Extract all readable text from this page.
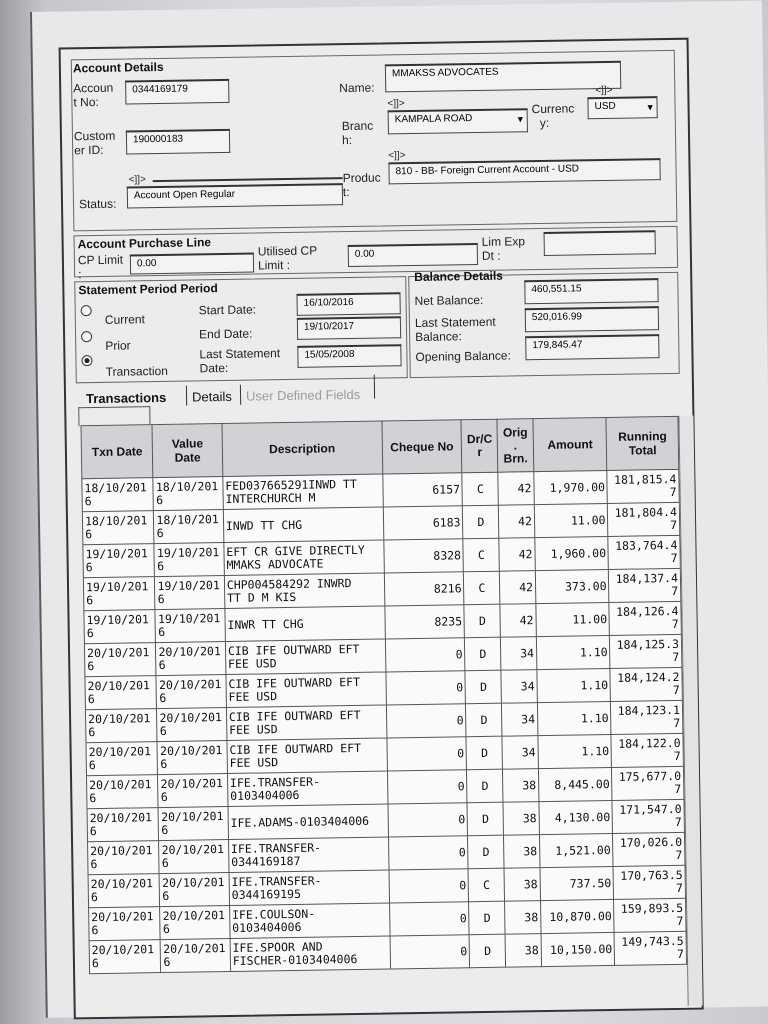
Account Details
Accoun
t No:
0344169179
Custom
er ID:
190000183
<]]>
Status:
Account Open Regular
Name:
MMAKSS ADVOCATES
<]]>
Branc
h:
KAMPALA ROAD	▼
<]]>
Currenc
y:
USD	▼
<]]>
Produc
t:
810 - BB- Foreign Current Account - USD
Account Purchase Line
CP Limit
:
0.00
Utilised CP
Limit :
0.00
Lim Exp
Dt :
Statement Period Period
Current
Prior
Transaction
Start Date:	16/10/2016
End Date:	19/10/2017
Last Statement
Date:
15/05/2008
Balance Details
Net Balance:
460,551.15
Last Statement
Balance:
520,016.99
Opening Balance:
179,845.47
Transactions Details User Defined Fields
Txn Date	Value
Date	Description	Cheque No	Dr/C
r	Orig
.
Brn.	Amount	Running
Total
18/10/201
6	18/10/201
6	FED037665291INWD TT
INTERCHURCH M	6157	C	42	1,970.00	181,815.4
7
18/10/201
6	18/10/201
6	INWD TT CHG	6183	D	42	11.00	181,804.4
7
19/10/201
6	19/10/201
6	EFT CR GIVE DIRECTLY
MMAKS ADVOCATE	8328	C	42	1,960.00	183,764.4
7
19/10/201
6	19/10/201
6	CHP004584292 INWRD
TT D M KIS	8216	C	42	373.00	184,137.4
7
19/10/201
6	19/10/201
6	INWR TT CHG	8235	D	42	11.00	184,126.4
7
20/10/201
6	20/10/201
6	CIB IFE OUTWARD EFT
FEE USD	0	D	34	1.10	184,125.3
7
20/10/201
6	20/10/201
6	CIB IFE OUTWARD EFT
FEE USD	0	D	34	1.10	184,124.2
7
20/10/201
6	20/10/201
6	CIB IFE OUTWARD EFT
FEE USD	0	D	34	1.10	184,123.1
7
20/10/201
6	20/10/201
6	CIB IFE OUTWARD EFT
FEE USD	0	D	34	1.10	184,122.0
7
20/10/201
6	20/10/201
6	IFE.TRANSFER-
0103404006	0	D	38	8,445.00	175,677.0
7
20/10/201
6	20/10/201
6	IFE.ADAMS-0103404006	0	D	38	4,130.00	171,547.0
7
20/10/201
6	20/10/201
6	IFE.TRANSFER-
0344169187	0	D	38	1,521.00	170,026.0
7
20/10/201
6	20/10/201
6	IFE.TRANSFER-
0344169195	0	C	38	737.50	170,763.5
7
20/10/201
6	20/10/201
6	IFE.COULSON-
0103404006	0	D	38	10,870.00	159,893.5
7
20/10/201
6	20/10/201
6	IFE.SPOOR AND
FISCHER-0103404006	0	D	38	10,150.00	149,743.5
7
